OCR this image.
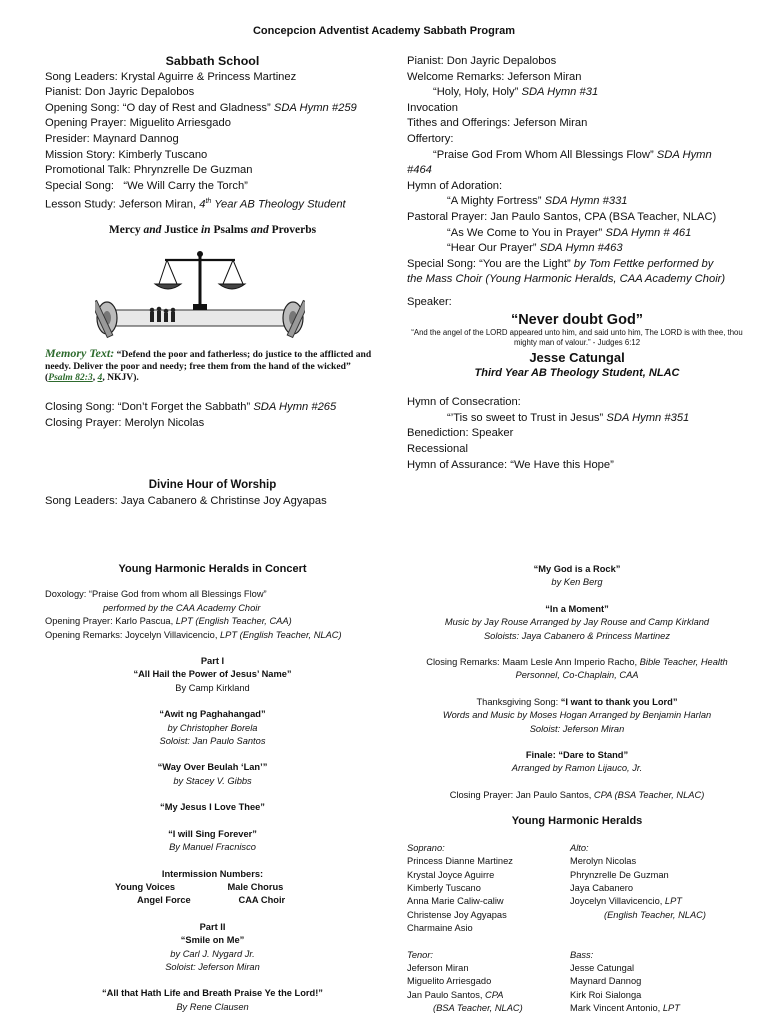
Concepcion Adventist Academy Sabbath Program
Sabbath School
Song Leaders: Krystal Aguirre & Princess Martinez
Pianist: Don Jayric Depalobos
Opening Song: “O day of Rest and Gladness” SDA Hymn #259
Opening Prayer: Miguelito Arriesgado
Presider: Maynard Dannog
Mission Story: Kimberly Tuscano
Promotional Talk: Phrynzrelle De Guzman
Special Song:   “We Will Carry the Torch”
Lesson Study: Jeferson Miran, 4th Year AB Theology Student
Mercy and Justice in Psalms and Proverbs
Memory Text: “Defend the poor and fatherless; do justice to the afflicted and needy. Deliver the poor and needy; free them from the hand of the wicked” (Psalm 82:3, 4, NKJV).
Closing Song: “Don’t Forget the Sabbath” SDA Hymn #265
Closing Prayer: Merolyn Nicolas
Divine Hour of Worship
Song Leaders: Jaya Cabanero & Christinse Joy Agyapas
Pianist: Don Jayric Depalobos
Welcome Remarks: Jeferson Miran
“Holy, Holy, Holy” SDA Hymn #31
Invocation
Tithes and Offerings: Jeferson Miran
Offertory:
“Praise God From Whom All Blessings Flow” SDA Hymn
#464
Hymn of Adoration:
“A Mighty Fortress” SDA Hymn #331
Pastoral Prayer: Jan Paulo Santos, CPA (BSA Teacher, NLAC)
“As We Come to You in Prayer” SDA Hymn # 461
“Hear Our Prayer” SDA Hymn #463
Special Song: “You are the Light” by Tom Fettke performed by
the Mass Choir (Young Harmonic Heralds, CAA Academy Choir)
Speaker:
“Never doubt God”
“And the angel of the LORD appeared unto him, and said unto him, The LORD is with thee, thou mighty man of valour.” - Judges 6:12
Jesse Catungal
Third Year AB Theology Student, NLAC
Hymn of Consecration:
“’Tis so sweet to Trust in Jesus” SDA Hymn #351
Benediction: Speaker
Recessional
Hymn of Assurance: “We Have this Hope”
Young Harmonic Heralds in Concert
Doxology: “Praise God from whom all Blessings Flow”
performed by the CAA Academy Choir
Opening Prayer: Karlo Pascua, LPT (English Teacher, CAA)
Opening Remarks: Joycelyn Villavicencio, LPT (English Teacher, NLAC)
Part I
“All Hail the Power of Jesus’ Name”
By Camp Kirkland
“Awit ng Paghahangad”
by Christopher Borela
Soloist: Jan Paulo Santos
“Way Over Beulah ‘Lan’”
by Stacey V. Gibbs
“My Jesus I Love Thee”
“I will Sing Forever”
By Manuel Fracnisco
Intermission Numbers:
Young Voices	Male Chorus
Angel Force	CAA Choir
Part II
“Smile on Me”
by Carl J. Nygard Jr.
Soloist: Jeferson Miran
“All that Hath Life and Breath Praise Ye the Lord!”
By Rene Clausen
“My God is a Rock”
by Ken Berg
“In a Moment”
Music by Jay Rouse Arranged by Jay Rouse and Camp Kirkland
Soloists: Jaya Cabanero & Princess Martinez
Closing Remarks: Maam Lesle Ann Imperio Racho, Bible Teacher, Health
Personnel, Co-Chaplain, CAA
Thanksgiving Song: “I want to thank you Lord”
Words and Music by Moses Hogan Arranged by Benjamin Harlan
Soloist: Jeferson Miran
Finale: “Dare to Stand”
Arranged by Ramon Lijauco, Jr.
Closing Prayer: Jan Paulo Santos, CPA (BSA Teacher, NLAC)
Young Harmonic Heralds
Soprano:
Princess Dianne Martinez
Krystal Joyce Aguirre
Kimberly Tuscano
Anna Marie Caliw-caliw
Christense Joy Agyapas
Charmaine Asio
Alto:
Merolyn Nicolas
Phrynzrelle De Guzman
Jaya Cabanero
Joycelyn Villavicencio, LPT
(English Teacher, NLAC)
Tenor:
Jeferson Miran
Miguelito Arriesgado
Jan Paulo Santos, CPA
(BSA Teacher, NLAC)
Bass:
Jesse Catungal
Maynard Dannog
Kirk Roi Sialonga
Mark Vincent Antonio, LPT
